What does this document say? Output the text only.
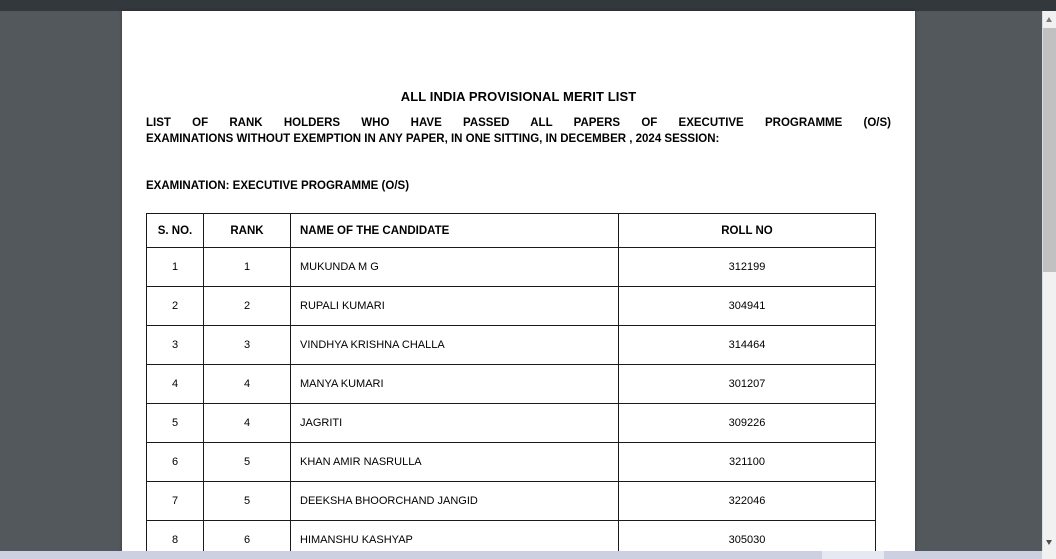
ALL INDIA PROVISIONAL MERIT LIST
LIST OF RANK HOLDERS WHO HAVE PASSED ALL PAPERS OF EXECUTIVE PROGRAMME (O/S)
EXAMINATIONS WITHOUT EXEMPTION IN ANY PAPER, IN ONE SITTING, IN DECEMBER , 2024 SESSION:
EXAMINATION: EXECUTIVE PROGRAMME (O/S)
S. NO.	RANK	NAME OF THE CANDIDATE	ROLL NO
1	1	MUKUNDA M G	312199
2	2	RUPALI KUMARI	304941
3	3	VINDHYA KRISHNA CHALLA	314464
4	4	MANYA KUMARI	301207
5	4	JAGRITI	309226
6	5	KHAN AMIR NASRULLA	321100
7	5	DEEKSHA BHOORCHAND JANGID	322046
8	6	HIMANSHU KASHYAP	305030
